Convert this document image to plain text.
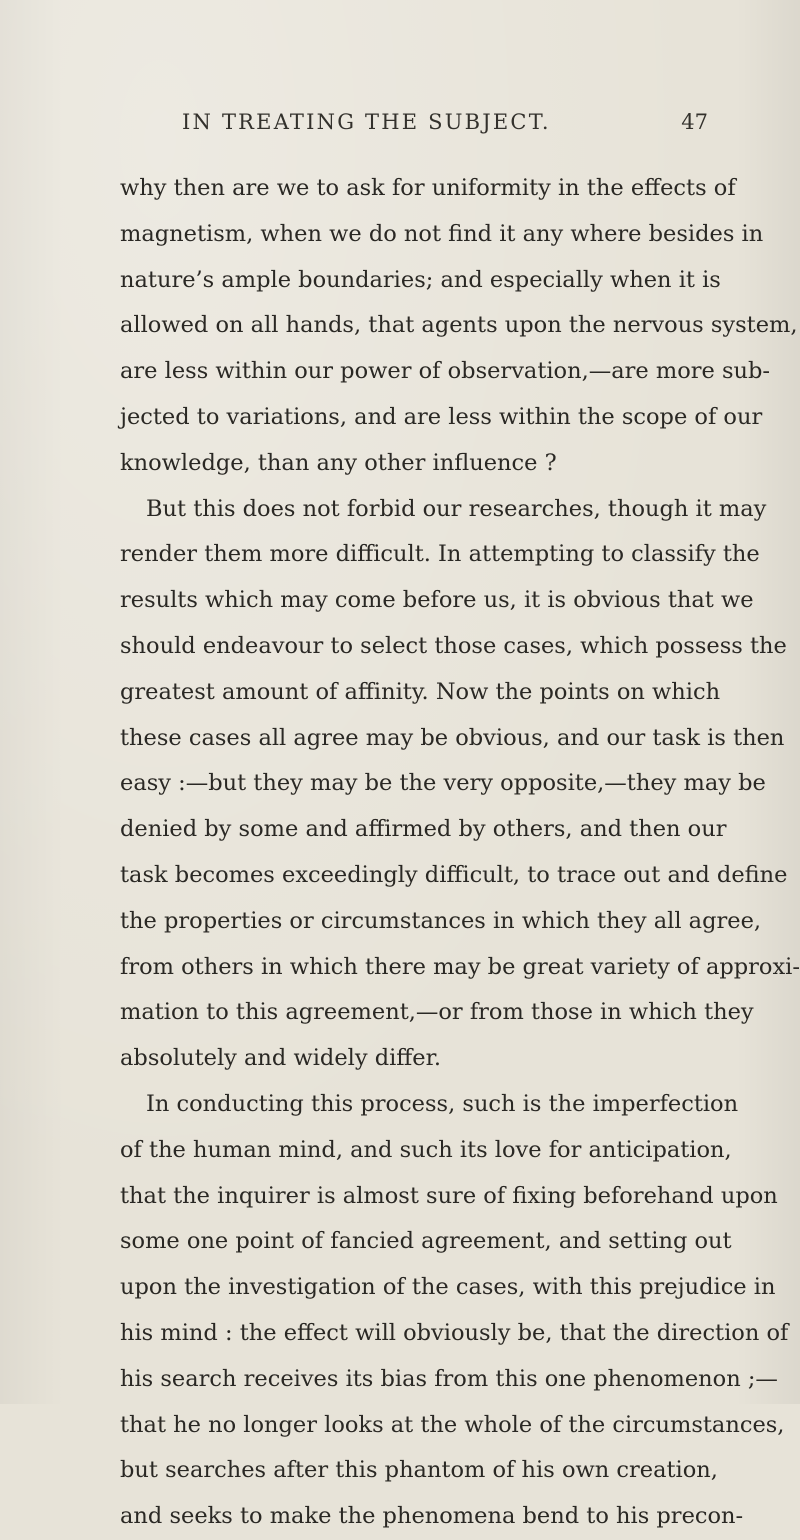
IN TREATING THE SUBJECT.	47
why then are we to ask for uniformity in the effects of
magnetism, when we do not find it any where besides in
nature’s ample boundaries; and especially when it is
allowed on all hands, that agents upon the nervous system,
are less within our power of observation,—are more sub-
jected to variations, and are less within the scope of our
knowledge, than any other influence ?
But this does not forbid our researches, though it may
render them more difficult. In attempting to classify the
results which may come before us, it is obvious that we
should endeavour to select those cases, which possess the
greatest amount of affinity. Now the points on which
these cases all agree may be obvious, and our task is then
easy :—but they may be the very opposite,—they may be
denied by some and affirmed by others, and then our
task becomes exceedingly difficult, to trace out and define
the properties or circumstances in which they all agree,
from others in which there may be great variety of approxi-
mation to this agreement,—or from those in which they
absolutely and widely differ.
In conducting this process, such is the imperfection
of the human mind, and such its love for anticipation,
that the inquirer is almost sure of fixing beforehand upon
some one point of fancied agreement, and setting out
upon the investigation of the cases, with this prejudice in
his mind : the effect will obviously be, that the direction of
his search receives its bias from this one phenomenon ;—
that he no longer looks at the whole of the circumstances,
but searches after this phantom of his own creation,
and seeks to make the phenomena bend to his precon-
